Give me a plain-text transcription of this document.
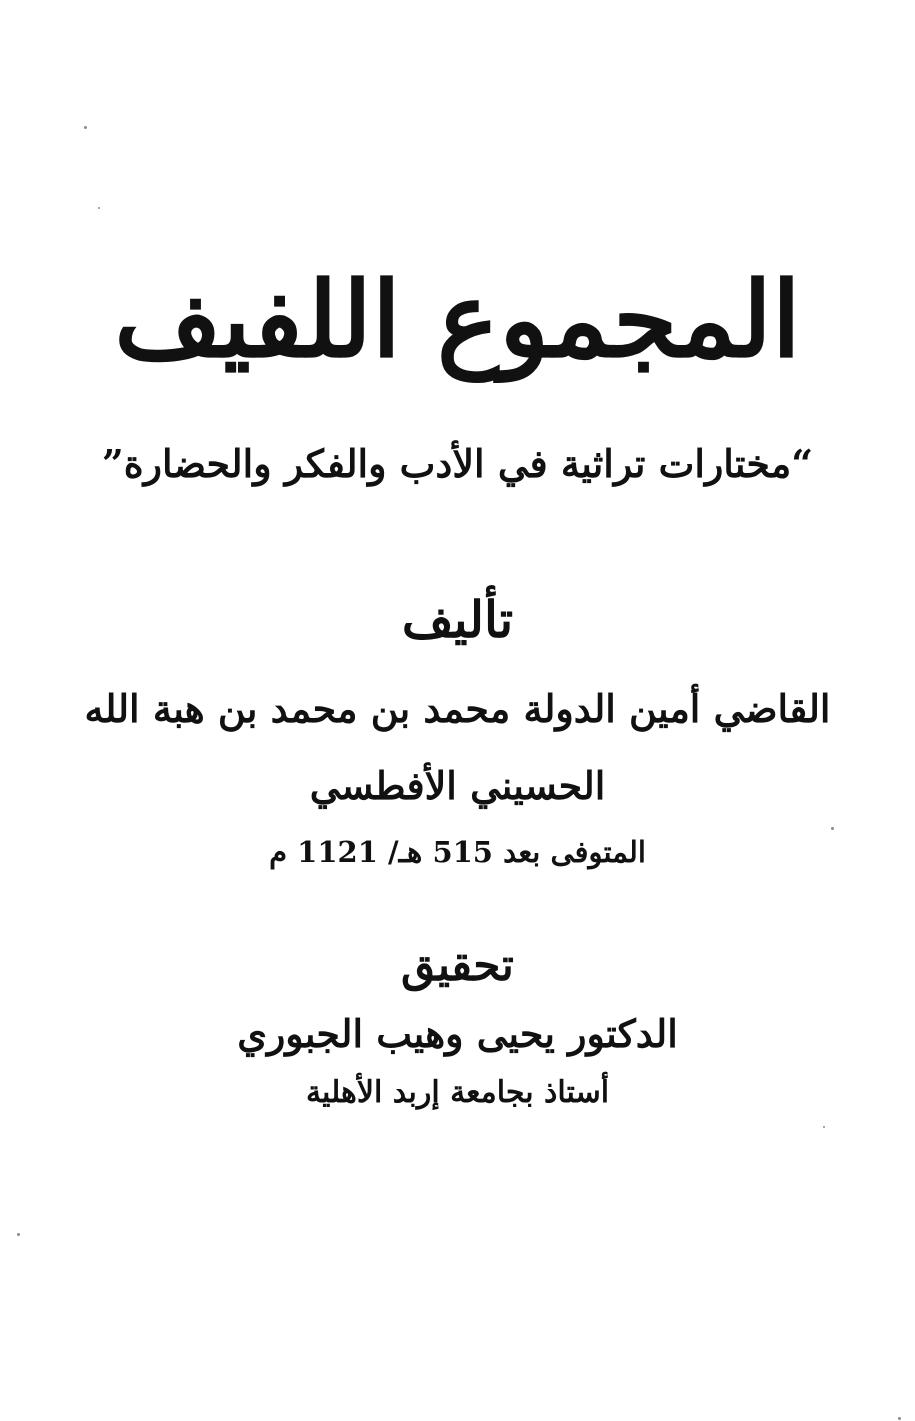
المجموع اللفيف
“مختارات تراثية في الأدب والفكر والحضارة”
تأليف
القاضي أمين الدولة محمد بن محمد بن هبة الله
الحسيني الأفطسي
المتوفى بعد 515 هـ/ 1121 م
تحقيق
الدكتور يحيى وهيب الجبوري
أستاذ بجامعة إربد الأهلية
